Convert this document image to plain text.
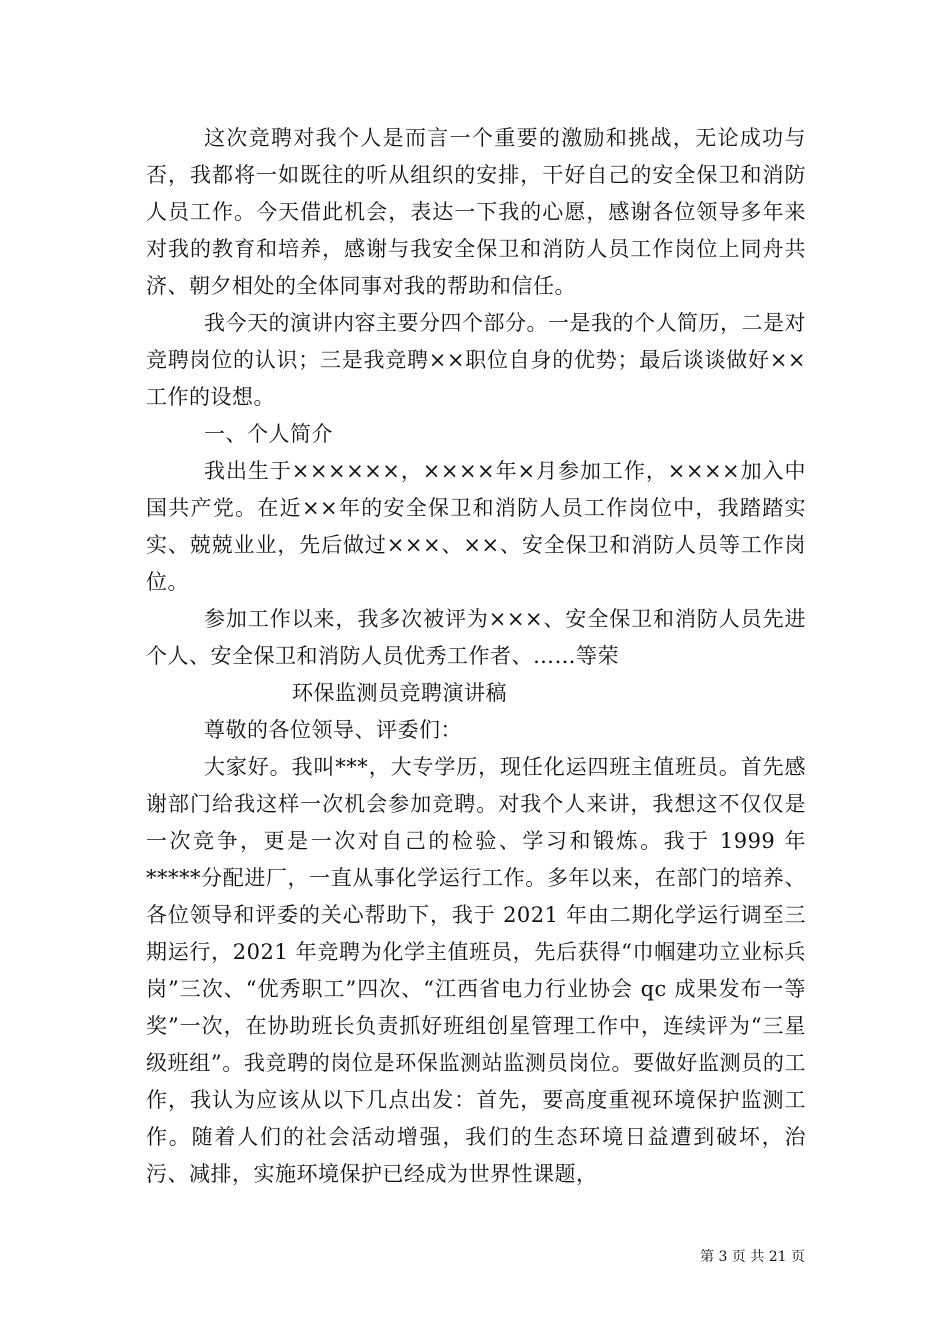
这次竞聘对我个人是而言一个重要的激励和挑战，无论成功与否，我都将一如既往的听从组织的安排，干好自己的安全保卫和消防人员工作。今天借此机会，表达一下我的心愿，感谢各位领导多年来对我的教育和培养，感谢与我安全保卫和消防人员工作岗位上同舟共济、朝夕相处的全体同事对我的帮助和信任。

我今天的演讲内容主要分四个部分。一是我的个人简历，二是对竞聘岗位的认识；三是我竞聘××职位自身的优势；最后谈谈做好××工作的设想。

一、个人简介

我出生于××××××，××××年×月参加工作，××××加入中国共产党。在近××年的安全保卫和消防人员工作岗位中，我踏踏实实、兢兢业业，先后做过×××、××、安全保卫和消防人员等工作岗位。

参加工作以来，我多次被评为×××、安全保卫和消防人员先进个人、安全保卫和消防人员优秀工作者、……等荣

环保监测员竞聘演讲稿

尊敬的各位领导、评委们：

大家好。我叫***，大专学历，现任化运四班主值班员。首先感谢部门给我这样一次机会参加竞聘。对我个人来讲，我想这不仅仅是一次竞争，更是一次对自己的检验、学习和锻炼。我于 1999 年*****分配进厂，一直从事化学运行工作。多年以来，在部门的培养、各位领导和评委的关心帮助下，我于 2021 年由二期化学运行调至三期运行，2021 年竞聘为化学主值班员，先后获得“巾帼建功立业标兵岗”三次、“优秀职工”四次、“江西省电力行业协会 qc 成果发布一等奖”一次，在协助班长负责抓好班组创星管理工作中，连续评为“三星级班组”。我竞聘的岗位是环保监测站监测员岗位。要做好监测员的工作，我认为应该从以下几点出发：首先，要高度重视环境保护监测工作。随着人们的社会活动增强，我们的生态环境日益遭到破坏，治污、减排，实施环境保护已经成为世界性课题，

第 3 页 共 21 页
